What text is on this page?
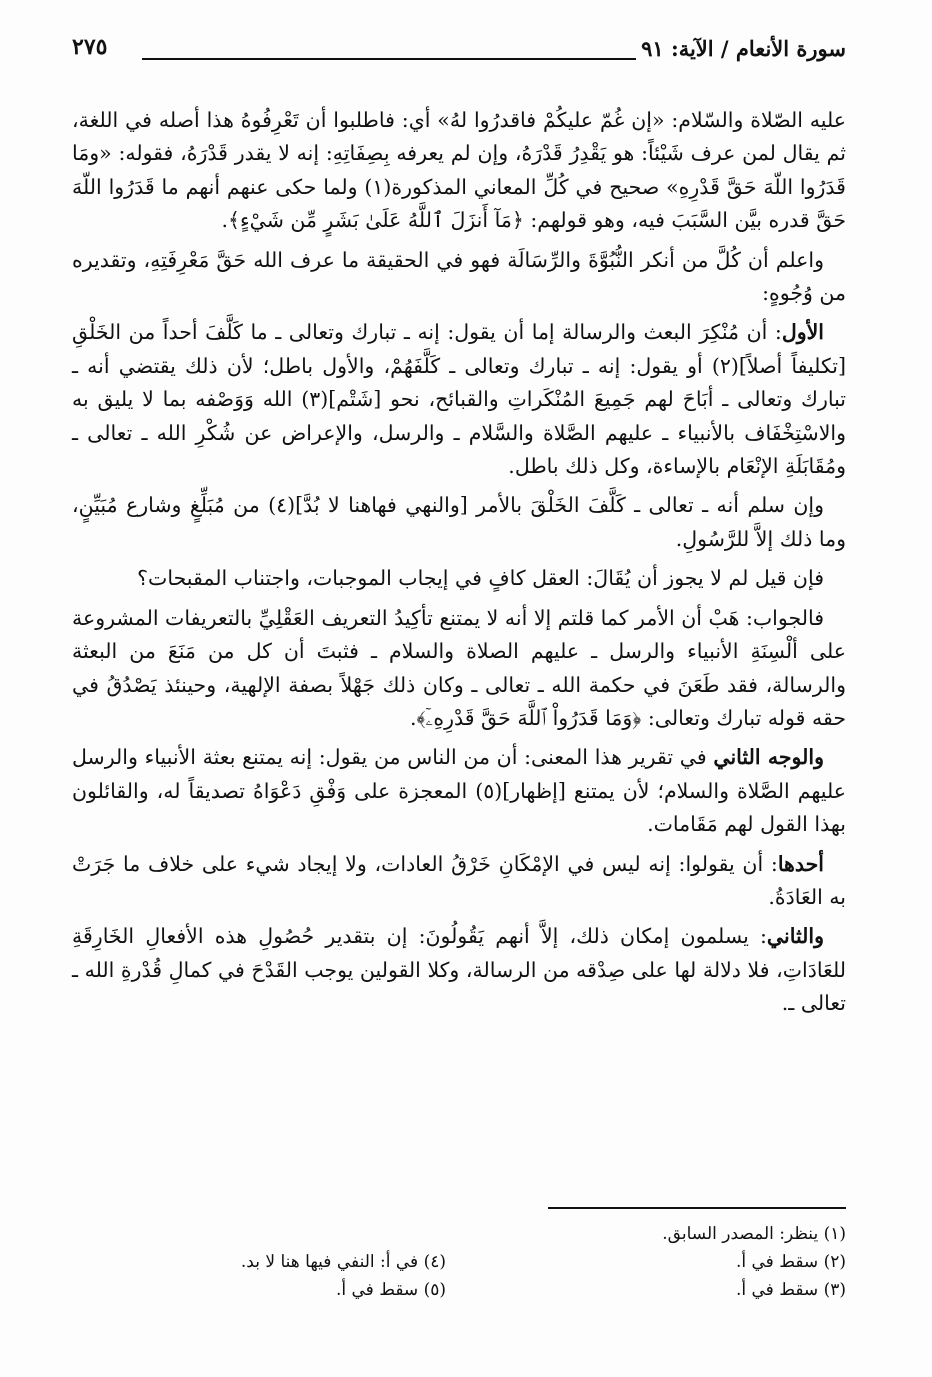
سورة الأنعام / الآية: ٩١
٢٧٥

عليه الصّلاة والسّلام: «إن غُمّ عليكُمْ فاقدرُوا لهُ» أي: فاطلبوا أن تَعْرِفُوهُ هذا أصله في اللغة، ثم يقال لمن عرف شَيْئاً: هو يَقْدِرُ قَدْرَهُ، وإن لم يعرفه بِصِفَاتِهِ: إنه لا يقدر قَدْرَهُ، فقوله: «ومَا قَدَرُوا اللّهَ حَقَّ قَدْرِهِ» صحيح في كُلِّ المعاني المذكورة(١) ولما حكى عنهم أنهم ما قَدَرُوا اللّهَ حَقَّ قدره بيَّن السَّبَبَ فيه، وهو قولهم: ﴿مَآ أَنزَلَ ٱللَّهُ عَلَىٰ بَشَرٍ مِّن شَيْءٍ﴾.

واعلم أن كُلَّ من أنكر النُّبُوَّةَ والرِّسَالَة فهو في الحقيقة ما عرف الله حَقَّ مَعْرِفَتِهِ، وتقديره من وُجُوهٍ:

الأول: أن مُنْكِرَ البعث والرسالة إما أن يقول: إنه ـ تبارك وتعالى ـ ما كَلَّفَ أحداً من الخَلْقِ [تكليفاً أصلاً](٢) أو يقول: إنه ـ تبارك وتعالى ـ كَلَّفَهُمْ، والأول باطل؛ لأن ذلك يقتضي أنه ـ تبارك وتعالى ـ أبَاحَ لهم جَمِيعَ المُنْكَراتِ والقبائح، نحو [شَتْم](٣) الله وَوَصْفه بما لا يليق به والاسْتِخْفَاف بالأنبياء ـ عليهم الصَّلاة والسَّلام ـ والرسل، والإعراض عن شُكْرِ الله ـ تعالى ـ ومُقَابَلَةِ الإنْعَام بالإساءة، وكل ذلك باطل.

وإن سلم أنه ـ تعالى ـ كَلَّفَ الخَلْقَ بالأمر [والنهي فهاهنا لا بُدَّ](٤) من مُبَلِّغٍ وشارع مُبَيِّنٍ، وما ذلك إلاَّ للرَّسُولِ.

فإن قيل لم لا يجوز أن يُقَالَ: العقل كافٍ في إيجاب الموجبات، واجتناب المقبحات؟

فالجواب: هَبْ أن الأمر كما قلتم إلا أنه لا يمتنع تأكِيدُ التعريف العَقْلِيِّ بالتعريفات المشروعة على ألْسِنَةِ الأنبياء والرسل ـ عليهم الصلاة والسلام ـ فثبتَ أن كل من مَنَعَ من البعثة والرسالة، فقد طَعَنَ في حكمة الله ـ تعالى ـ وكان ذلك جَهْلاً بصفة الإلهية، وحينئذ يَصْدُقُ في حقه قوله تبارك وتعالى: ﴿وَمَا قَدَرُواْ ٱللَّهَ حَقَّ قَدْرِهِۦٓ﴾.

والوجه الثاني في تقرير هذا المعنى: أن من الناس من يقول: إنه يمتنع بعثة الأنبياء والرسل عليهم الصَّلاة والسلام؛ لأن يمتنع [إظهار](٥) المعجزة على وَفْقِ دَعْوَاهُ تصديقاً له، والقائلون بهذا القول لهم مَقَامات.

أحدها: أن يقولوا: إنه ليس في الإمْكَانِ خَرْقُ العادات، ولا إيجاد شيء على خلاف ما جَرَتْ به العَادَةُ.

والثاني: يسلمون إمكان ذلك، إلاَّ أنهم يَقُولُونَ: إن بتقدير حُصُولِ هذه الأفعالِ الخَارِقَةِ للعَادَاتِ، فلا دلالة لها على صِدْقه من الرسالة، وكلا القولين يوجب القَدْحَ في كمالِ قُدْرةِ الله ـ تعالى ـ.

(١) ينظر: المصدر السابق.
(٢) سقط في أ.
(٣) سقط في أ.
(٤) في أ: النفي فيها هنا لا بد.
(٥) سقط في أ.
